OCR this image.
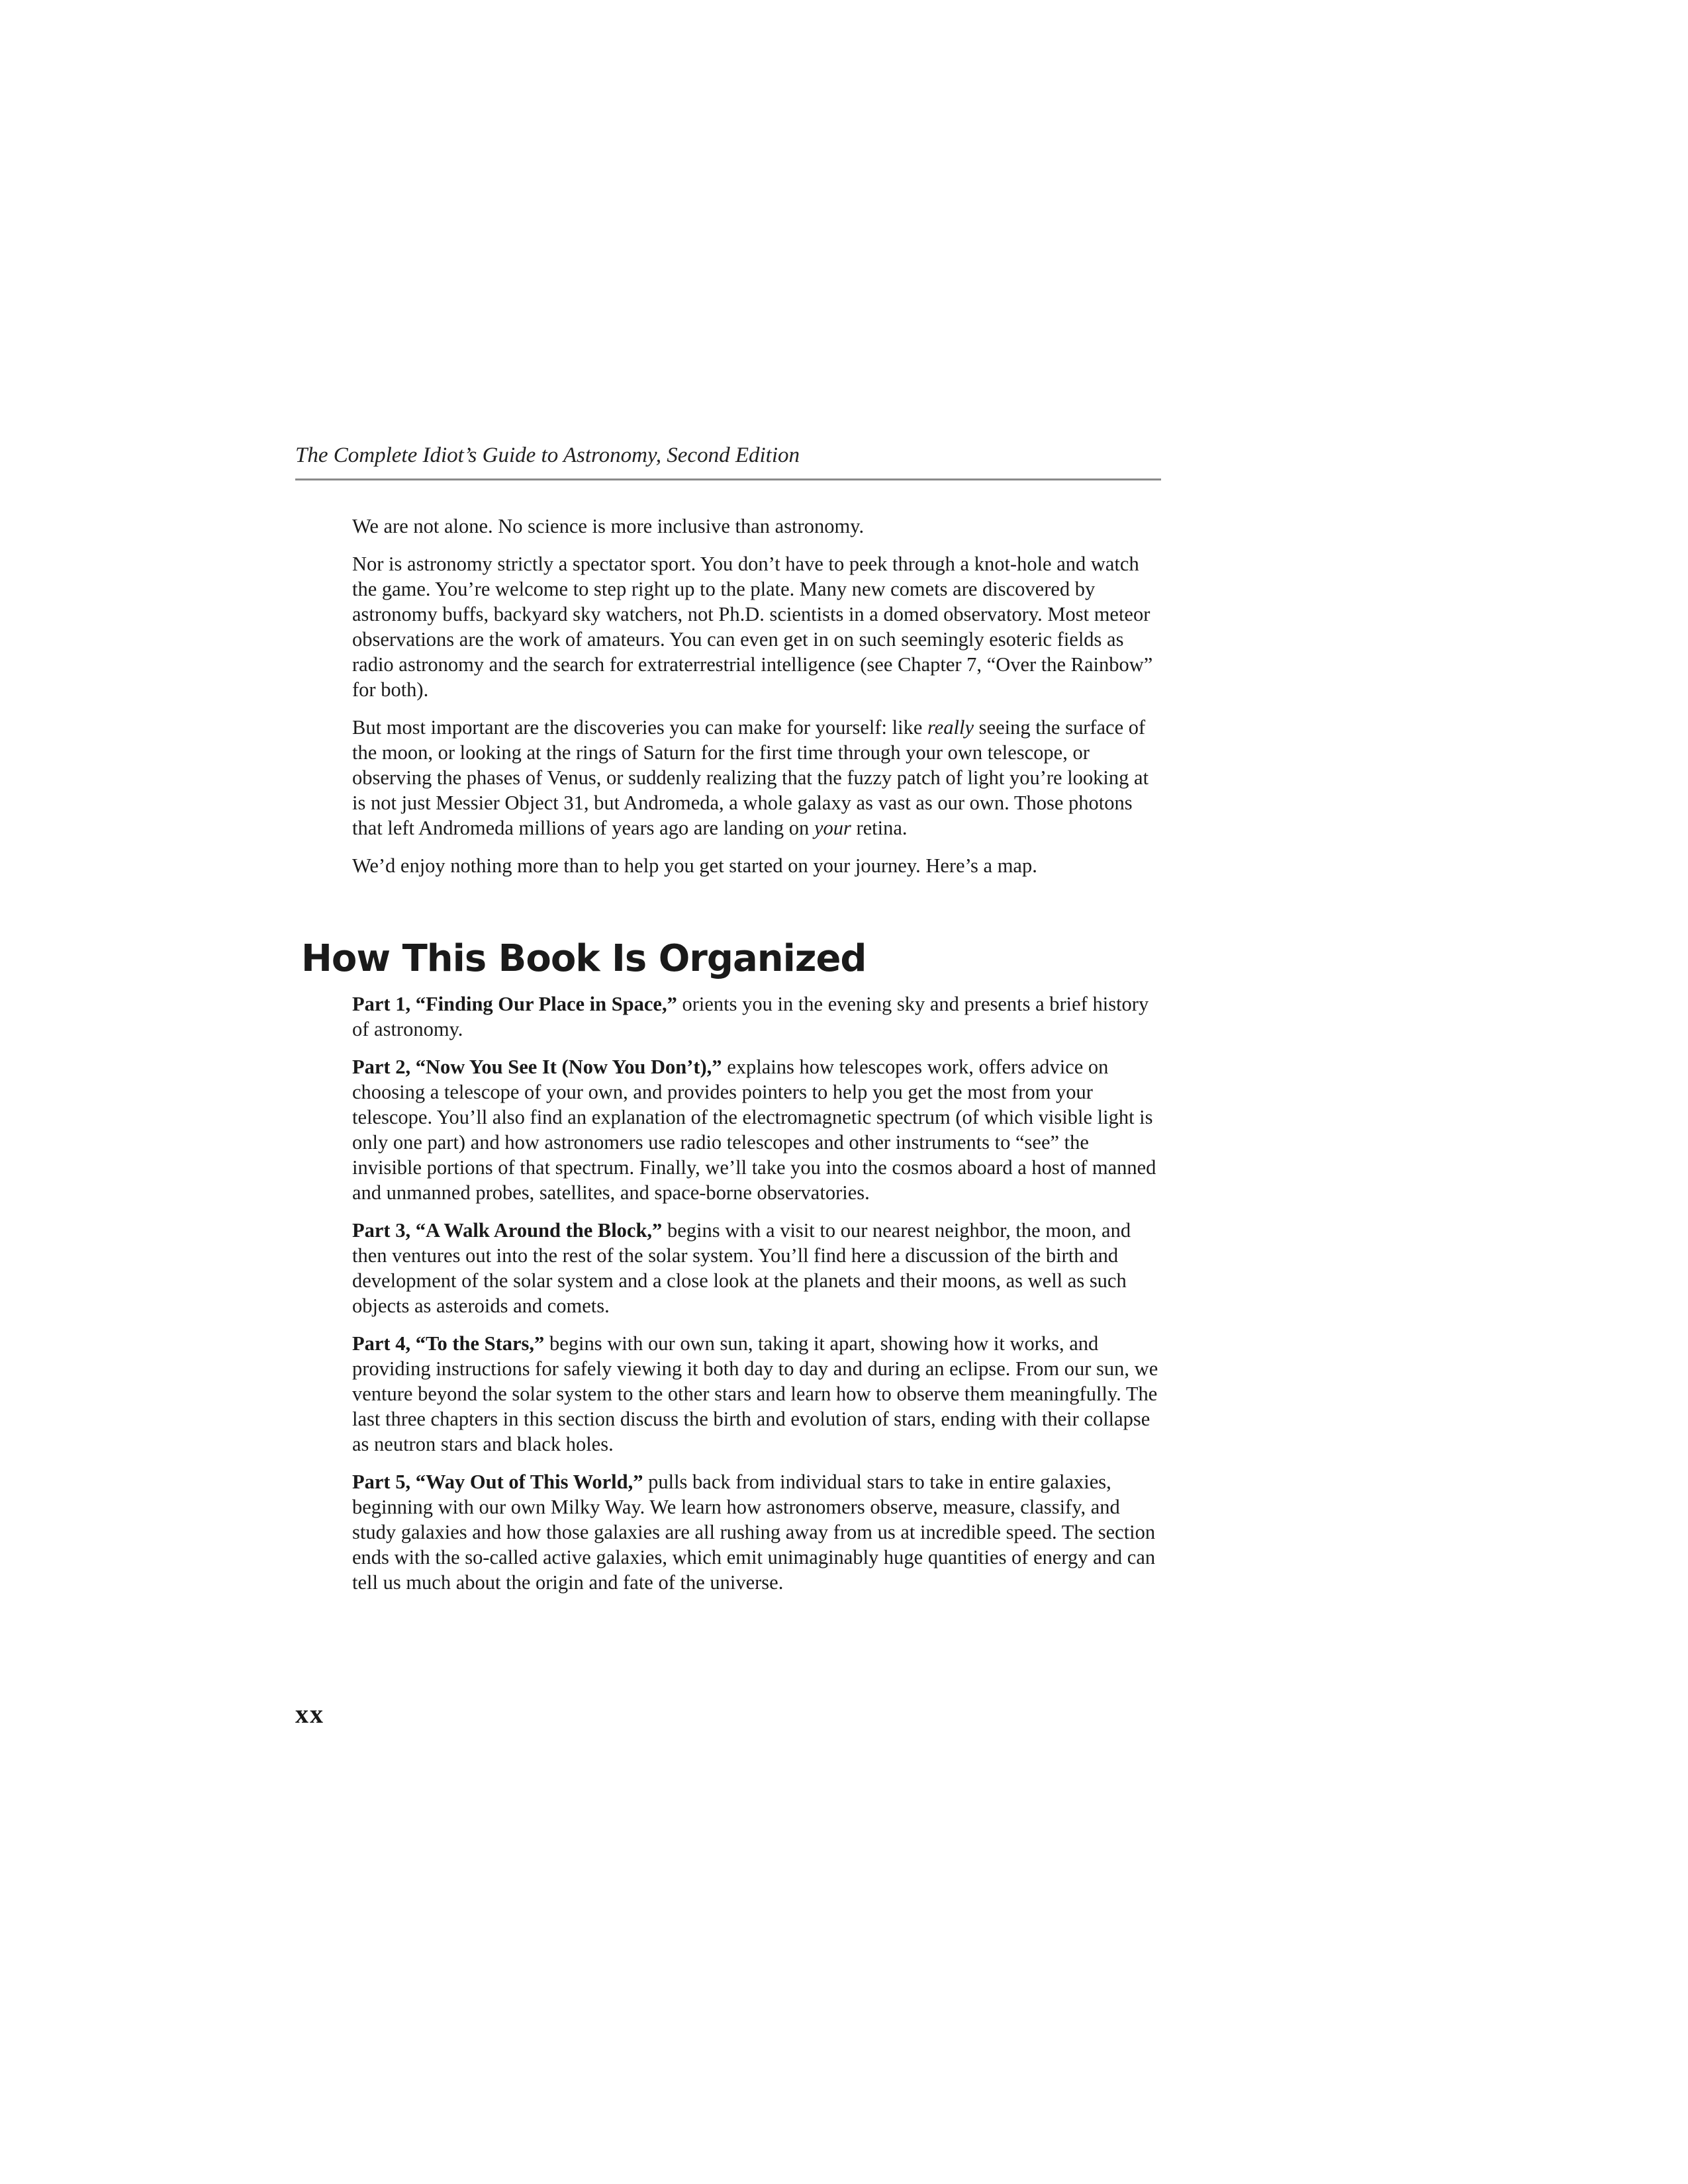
The Complete Idiot’s Guide to Astronomy, Second Edition

We are not alone. No science is more inclusive than astronomy.

Nor is astronomy strictly a spectator sport. You don’t have to peek through a knot-hole and watch the game. You’re welcome to step right up to the plate. Many new comets are discovered by astronomy buffs, backyard sky watchers, not Ph.D. scientists in a domed observatory. Most meteor observations are the work of amateurs. You can even get in on such seemingly esoteric fields as radio astronomy and the search for extraterrestrial intelligence (see Chapter 7, “Over the Rainbow” for both).

But most important are the discoveries you can make for yourself: like really seeing the surface of the moon, or looking at the rings of Saturn for the first time through your own telescope, or observing the phases of Venus, or suddenly realizing that the fuzzy patch of light you’re looking at is not just Messier Object 31, but Andromeda, a whole galaxy as vast as our own. Those photons that left Andromeda millions of years ago are landing on your retina.

We’d enjoy nothing more than to help you get started on your journey. Here’s a map.

How This Book Is Organized

Part 1, “Finding Our Place in Space,” orients you in the evening sky and presents a brief history of astronomy.

Part 2, “Now You See It (Now You Don’t),” explains how telescopes work, offers advice on choosing a telescope of your own, and provides pointers to help you get the most from your telescope. You’ll also find an explanation of the electromagnetic spectrum (of which visible light is only one part) and how astronomers use radio telescopes and other instruments to “see” the invisible portions of that spectrum. Finally, we’ll take you into the cosmos aboard a host of manned and unmanned probes, satellites, and space-borne observatories.

Part 3, “A Walk Around the Block,” begins with a visit to our nearest neighbor, the moon, and then ventures out into the rest of the solar system. You’ll find here a discussion of the birth and development of the solar system and a close look at the planets and their moons, as well as such objects as asteroids and comets.

Part 4, “To the Stars,” begins with our own sun, taking it apart, showing how it works, and providing instructions for safely viewing it both day to day and during an eclipse. From our sun, we venture beyond the solar system to the other stars and learn how to observe them meaningfully. The last three chapters in this section discuss the birth and evolution of stars, ending with their collapse as neutron stars and black holes.

Part 5, “Way Out of This World,” pulls back from individual stars to take in entire galaxies, beginning with our own Milky Way. We learn how astronomers observe, measure, classify, and study galaxies and how those galaxies are all rushing away from us at incredible speed. The section ends with the so-called active galaxies, which emit unimaginably huge quantities of energy and can tell us much about the origin and fate of the universe.

xx
